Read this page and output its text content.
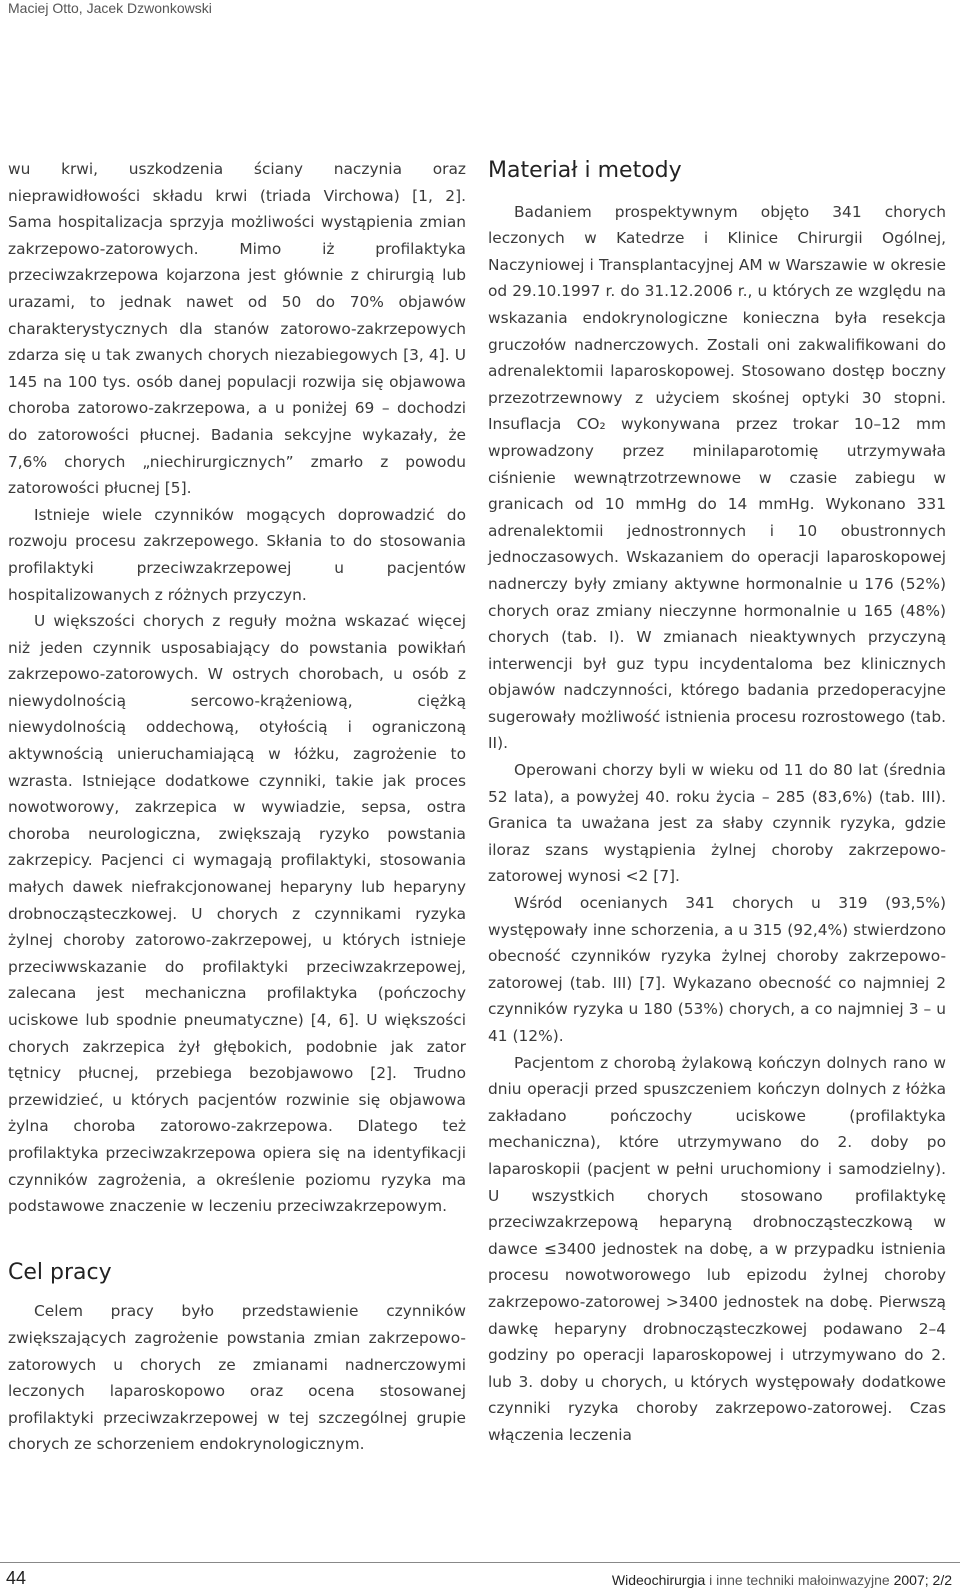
Maciej Otto, Jacek Dzwonkowski

wu krwi, uszkodzenia ściany naczynia oraz nieprawidłowości składu krwi (triada Virchowa) [1, 2]. Sama hospitalizacja sprzyja możliwości wystąpienia zmian zakrzepowo-zatorowych. Mimo iż profilaktyka przeciwzakrzepowa kojarzona jest głównie z chirurgią lub urazami, to jednak nawet od 50 do 70% objawów charakterystycznych dla stanów zatorowo-zakrzepowych zdarza się u tak zwanych chorych niezabiegowych [3, 4]. U 145 na 100 tys. osób danej populacji rozwija się objawowa choroba zatorowo-zakrzepowa, a u poniżej 69 – dochodzi do zatorowości płucnej. Badania sekcyjne wykazały, że 7,6% chorych „niechirurgicznych” zmarło z powodu zatorowości płucnej [5].

Istnieje wiele czynników mogących doprowadzić do rozwoju procesu zakrzepowego. Skłania to do stosowania profilaktyki przeciwzakrzepowej u pacjentów hospitalizowanych z różnych przyczyn.

U większości chorych z reguły można wskazać więcej niż jeden czynnik usposabiający do powstania powikłań zakrzepowo-zatorowych. W ostrych chorobach, u osób z niewydolnością sercowo-krążeniową, ciężką niewydolnością oddechową, otyłością i ograniczoną aktywnością unieruchamiającą w łóżku, zagrożenie to wzrasta. Istniejące dodatkowe czynniki, takie jak proces nowotworowy, zakrzepica w wywiadzie, sepsa, ostra choroba neurologiczna, zwiększają ryzyko powstania zakrzepicy. Pacjenci ci wymagają profilaktyki, stosowania małych dawek niefrakcjonowanej heparyny lub heparyny drobnocząsteczkowej. U chorych z czynnikami ryzyka żylnej choroby zatorowo-zakrzepowej, u których istnieje przeciwwskazanie do profilaktyki przeciwzakrzepowej, zalecana jest mechaniczna profilaktyka (pończochy uciskowe lub spodnie pneumatyczne) [4, 6]. U większości chorych zakrzepica żył głębokich, podobnie jak zator tętnicy płucnej, przebiega bezobjawowo [2]. Trudno przewidzieć, u których pacjentów rozwinie się objawowa żylna choroba zatorowo-zakrzepowa. Dlatego też profilaktyka przeciwzakrzepowa opiera się na identyfikacji czynników zagrożenia, a określenie poziomu ryzyka ma podstawowe znaczenie w leczeniu przeciwzakrzepowym.

Cel pracy

Celem pracy było przedstawienie czynników zwiększających zagrożenie powstania zmian zakrzepowo-zatorowych u chorych ze zmianami nadnerczowymi leczonych laparoskopowo oraz ocena stosowanej profilaktyki przeciwzakrzepowej w tej szczególnej grupie chorych ze schorzeniem endokrynologicznym.

Materiał i metody

Badaniem prospektywnym objęto 341 chorych leczonych w Katedrze i Klinice Chirurgii Ogólnej, Naczyniowej i Transplantacyjnej AM w Warszawie w okresie od 29.10.1997 r. do 31.12.2006 r., u których ze względu na wskazania endokrynologiczne konieczna była resekcja gruczołów nadnerczowych. Zostali oni zakwalifikowani do adrenalektomii laparoskopowej. Stosowano dostęp boczny przezotrzewnowy z użyciem skośnej optyki 30 stopni. Insuflacja CO₂ wykonywana przez trokar 10–12 mm wprowadzony przez minilaparotomię utrzymywała ciśnienie wewnątrzotrzewnowe w czasie zabiegu w granicach od 10 mmHg do 14 mmHg. Wykonano 331 adrenalektomii jednostronnych i 10 obustronnych jednoczasowych. Wskazaniem do operacji laparoskopowej nadnerczy były zmiany aktywne hormonalnie u 176 (52%) chorych oraz zmiany nieczynne hormonalnie u 165 (48%) chorych (tab. I). W zmianach nieaktywnych przyczyną interwencji był guz typu incydentaloma bez klinicznych objawów nadczynności, którego badania przedoperacyjne sugerowały możliwość istnienia procesu rozrostowego (tab. II).

Operowani chorzy byli w wieku od 11 do 80 lat (średnia 52 lata), a powyżej 40. roku życia – 285 (83,6%) (tab. III). Granica ta uważana jest za słaby czynnik ryzyka, gdzie iloraz szans wystąpienia żylnej choroby zakrzepowo-zatorowej wynosi <2 [7].

Wśród ocenianych 341 chorych u 319 (93,5%) występowały inne schorzenia, a u 315 (92,4%) stwierdzono obecność czynników ryzyka żylnej choroby zakrzepowo-zatorowej (tab. III) [7]. Wykazano obecność co najmniej 2 czynników ryzyka u 180 (53%) chorych, a co najmniej 3 – u 41 (12%).

Pacjentom z chorobą żylakową kończyn dolnych rano w dniu operacji przed spuszczeniem kończyn dolnych z łóżka zakładano pończochy uciskowe (profilaktyka mechaniczna), które utrzymywano do 2. doby po laparoskopii (pacjent w pełni uruchomiony i samodzielny). U wszystkich chorych stosowano profilaktykę przeciwzakrzepową heparyną drobnocząsteczkową w dawce ≤3400 jednostek na dobę, a w przypadku istnienia procesu nowotworowego lub epizodu żylnej choroby zakrzepowo-zatorowej >3400 jednostek na dobę. Pierwszą dawkę heparyny drobnocząsteczkowej podawano 2–4 godziny po operacji laparoskopowej i utrzymywano do 2. lub 3. doby u chorych, u których występowały dodatkowe czynniki ryzyka choroby zakrzepowo-zatorowej. Czas włączenia leczenia

44	Wideochirurgia i inne techniki małoinwazyjne 2007; 2/2
